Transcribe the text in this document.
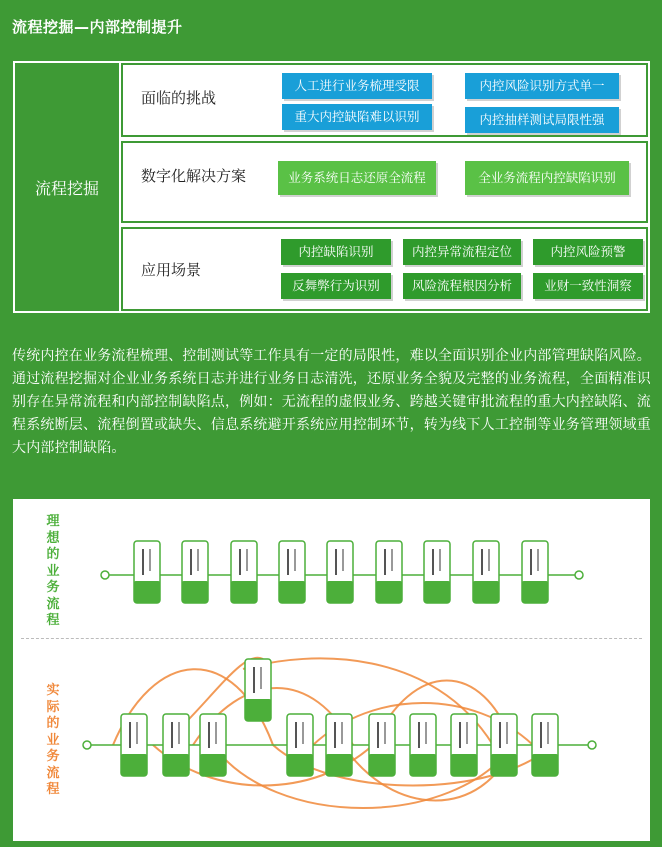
流程挖掘—内部控制提升
流程挖掘
面临的挑战
人工进行业务梳理受限	内控风险识别方式单一
重大内控缺陷难以识别	内控抽样测试局限性强
数字化解决方案	业务系统日志还原全流程	全业务流程内控缺陷识别
应用场景
内控缺陷识别	内控异常流程定位	内控风险预警
反舞弊行为识别	风险流程根因分析	业财一致性洞察
传统内控在业务流程梳理、控制测试等工作具有一定的局限性，难以全面识别企业内部管理缺陷风险。通过流程挖掘对企业业务系统日志并进行业务日志清洗，还原业务全貌及完整的业务流程，全面精准识别存在异常流程和内部控制缺陷点，例如：无流程的虚假业务、跨越关键审批流程的重大内控缺陷、流程系统断层、流程倒置或缺失、信息系统避开系统应用控制环节，转为线下人工控制等业务管理领域重大内部控制缺陷。
理想的业务流程
实际的业务流程
